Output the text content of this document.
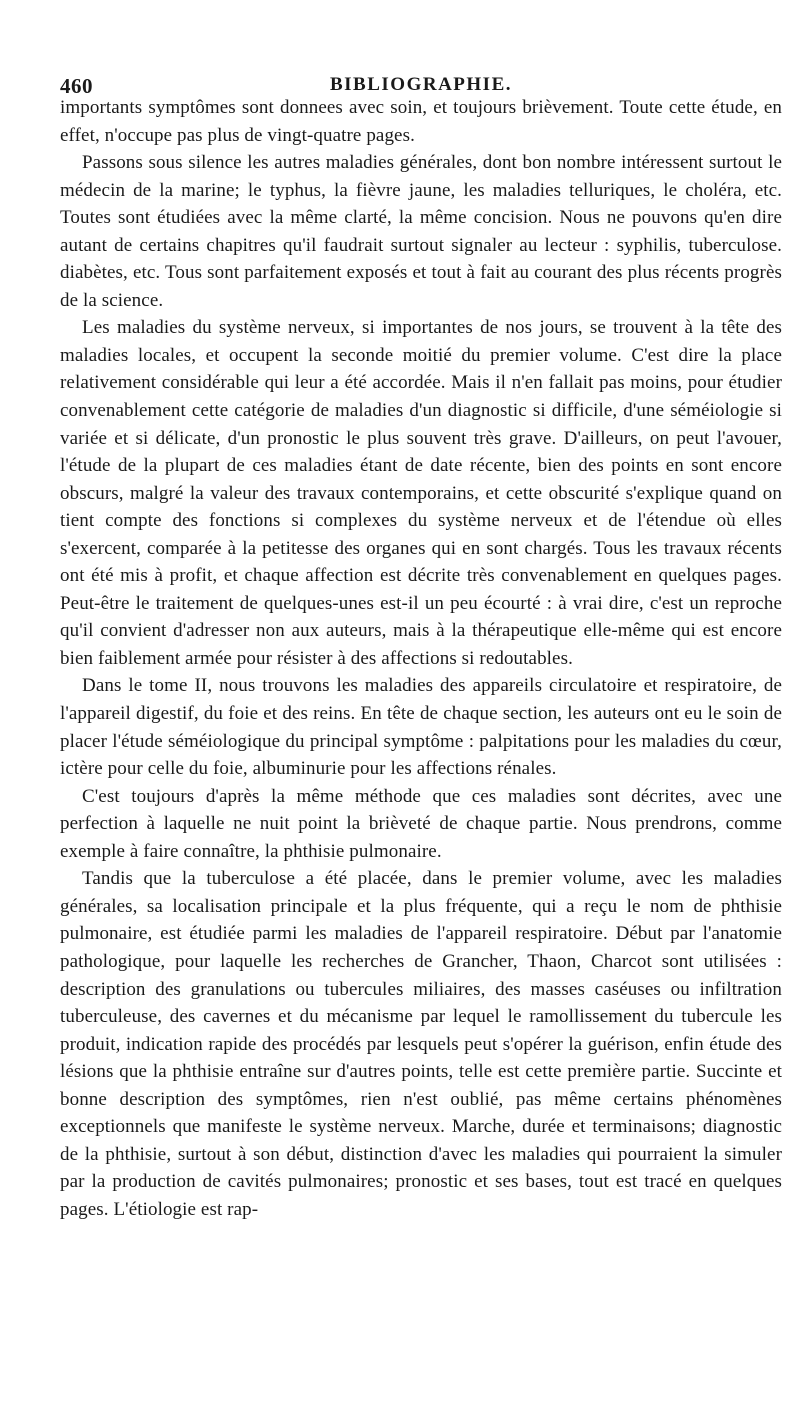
460	BIBLIOGRAPHIE.

importants symptômes sont donnees avec soin, et toujours brièvement. Toute cette étude, en effet, n'occupe pas plus de vingt-quatre pages.

Passons sous silence les autres maladies générales, dont bon nombre intéressent surtout le médecin de la marine; le typhus, la fièvre jaune, les maladies telluriques, le choléra, etc. Toutes sont étudiées avec la même clarté, la même concision. Nous ne pouvons qu'en dire autant de certains chapitres qu'il faudrait surtout signaler au lecteur : syphilis, tuberculose. diabètes, etc. Tous sont parfaitement exposés et tout à fait au courant des plus récents progrès de la science.

Les maladies du système nerveux, si importantes de nos jours, se trouvent à la tête des maladies locales, et occupent la seconde moitié du premier volume. C'est dire la place relativement considérable qui leur a été accordée. Mais il n'en fallait pas moins, pour étudier convenablement cette catégorie de maladies d'un diagnostic si difficile, d'une séméiologie si variée et si délicate, d'un pronostic le plus souvent très grave. D'ailleurs, on peut l'avouer, l'étude de la plupart de ces maladies étant de date récente, bien des points en sont encore obscurs, malgré la valeur des travaux contemporains, et cette obscurité s'explique quand on tient compte des fonctions si complexes du système nerveux et de l'étendue où elles s'exercent, comparée à la petitesse des organes qui en sont chargés. Tous les travaux récents ont été mis à profit, et chaque affection est décrite très convenablement en quelques pages. Peut-être le traitement de quelques-unes est-il un peu écourté : à vrai dire, c'est un reproche qu'il convient d'adresser non aux auteurs, mais à la thérapeutique elle-même qui est encore bien faiblement armée pour résister à des affections si redoutables.

Dans le tome II, nous trouvons les maladies des appareils circulatoire et respiratoire, de l'appareil digestif, du foie et des reins. En tête de chaque section, les auteurs ont eu le soin de placer l'étude séméiologique du principal symptôme : palpitations pour les maladies du cœur, ictère pour celle du foie, albuminurie pour les affections rénales.

C'est toujours d'après la même méthode que ces maladies sont décrites, avec une perfection à laquelle ne nuit point la brièveté de chaque partie. Nous prendrons, comme exemple à faire connaître, la phthisie pulmonaire.

Tandis que la tuberculose a été placée, dans le premier volume, avec les maladies générales, sa localisation principale et la plus fréquente, qui a reçu le nom de phthisie pulmonaire, est étudiée parmi les maladies de l'appareil respiratoire. Début par l'anatomie pathologique, pour laquelle les recherches de Grancher, Thaon, Charcot sont utilisées : description des granulations ou tubercules miliaires, des masses caséuses ou infiltration tuberculeuse, des cavernes et du mécanisme par lequel le ramollissement du tubercule les produit, indication rapide des procédés par lesquels peut s'opérer la guérison, enfin étude des lésions que la phthisie entraîne sur d'autres points, telle est cette première partie. Succinte et bonne description des symptômes, rien n'est oublié, pas même certains phénomènes exceptionnels que manifeste le système nerveux. Marche, durée et terminaisons; diagnostic de la phthisie, surtout à son début, distinction d'avec les maladies qui pourraient la simuler par la production de cavités pulmonaires; pronostic et ses bases, tout est tracé en quelques pages. L'étiologie est rap-
